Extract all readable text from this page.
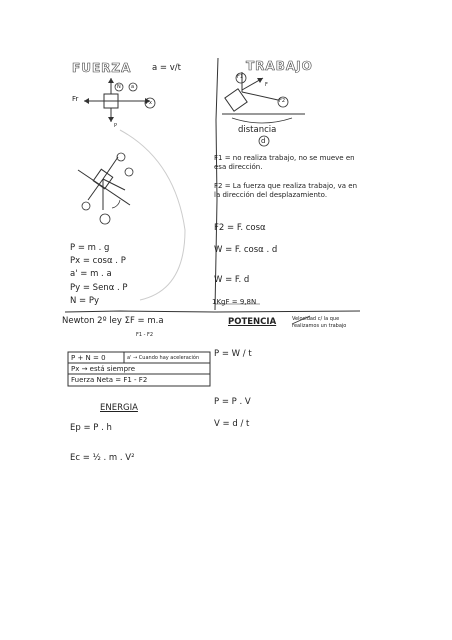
FUERZA a = v/t
Fr
N a
Px
P
P = m . g
Px = cosα . P
a' = m . a
Py = Senα . P
N = Py
TRABAJO
F1
F2
F
distancia
d
F1 = no realiza trabajo, no se mueve en esa dirección.
F2 = La fuerza que realiza trabajo, va en la dirección del desplazamiento.
F2 = F. cosα
W = F. cosα . d
W = F. d
1KgF = 9,8N
Newton 2º ley ΣF = m.a
F1 - F2
P + N = 0	a' → Cuando hay aceleración
Px → está siempre
Fuerza Neta = F1 - F2
POTENCIA	Velocidad c/ la que realizamos un trabajo
P = W / t
P = P . V
V = d / t
ENERGIA
Ep = P . h
Ec = ½ . m . V²
